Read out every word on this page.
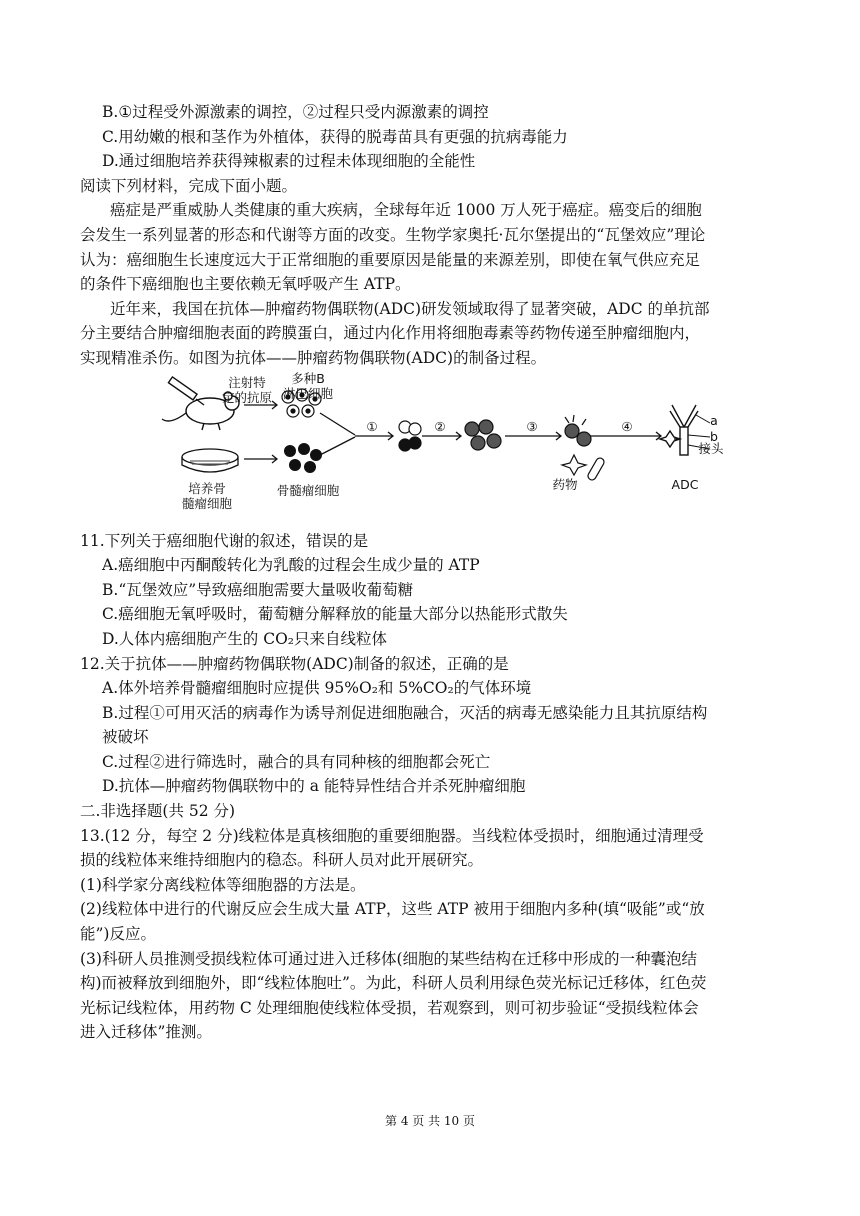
B.①过程受外源激素的调控，②过程只受内源激素的调控
C.用幼嫩的根和茎作为外植体，获得的脱毒苗具有更强的抗病毒能力
D.通过细胞培养获得辣椒素的过程未体现细胞的全能性
阅读下列材料，完成下面小题。
癌症是严重威胁人类健康的重大疾病，全球每年近 1000 万人死于癌症。癌变后的细胞
会发生一系列显著的形态和代谢等方面的改变。生物学家奥托·瓦尔堡提出的“瓦堡效应”理论
认为：癌细胞生长速度远大于正常细胞的重要原因是能量的来源差别，即使在氧气供应充足
的条件下癌细胞也主要依赖无氧呼吸产生 ATP。
近年来，我国在抗体—肿瘤药物偶联物(ADC)研发领域取得了显著突破，ADC 的单抗部
分主要结合肿瘤细胞表面的跨膜蛋白，通过内化作用将细胞毒素等药物传递至肿瘤细胞内，
实现精准杀伤。如图为抗体——肿瘤药物偶联物(ADC)的制备过程。
注射特
定的抗原
多种B
淋巴细胞
培养骨
髓瘤细胞
骨髓瘤细胞	药物	ADC
a
b
接头
①	②	③	④
11.下列关于癌细胞代谢的叙述，错误的是
A.癌细胞中丙酮酸转化为乳酸的过程会生成少量的 ATP
B.“瓦堡效应”导致癌细胞需要大量吸收葡萄糖
C.癌细胞无氧呼吸时，葡萄糖分解释放的能量大部分以热能形式散失
D.人体内癌细胞产生的 CO₂只来自线粒体
12.关于抗体——肿瘤药物偶联物(ADC)制备的叙述，正确的是
A.体外培养骨髓瘤细胞时应提供 95%O₂和 5%CO₂的气体环境
B.过程①可用灭活的病毒作为诱导剂促进细胞融合，灭活的病毒无感染能力且其抗原结构
被破坏
C.过程②进行筛选时，融合的具有同种核的细胞都会死亡
D.抗体—肿瘤药物偶联物中的 a 能特异性结合并杀死肿瘤细胞
二.非选择题(共 52 分)
13.(12 分，每空 2 分)线粒体是真核细胞的重要细胞器。当线粒体受损时，细胞通过清理受
损的线粒体来维持细胞内的稳态。科研人员对此开展研究。
(1)科学家分离线粒体等细胞器的方法是。
(2)线粒体中进行的代谢反应会生成大量 ATP，这些 ATP 被用于细胞内多种(填“吸能”或“放
能”)反应。
(3)科研人员推测受损线粒体可通过进入迁移体(细胞的某些结构在迁移中形成的一种囊泡结
构)而被释放到细胞外，即“线粒体胞吐”。为此，科研人员利用绿色荧光标记迁移体，红色荧
光标记线粒体，用药物 C 处理细胞使线粒体受损，若观察到，则可初步验证“受损线粒体会
进入迁移体”推测。
第 4 页 共 10 页
